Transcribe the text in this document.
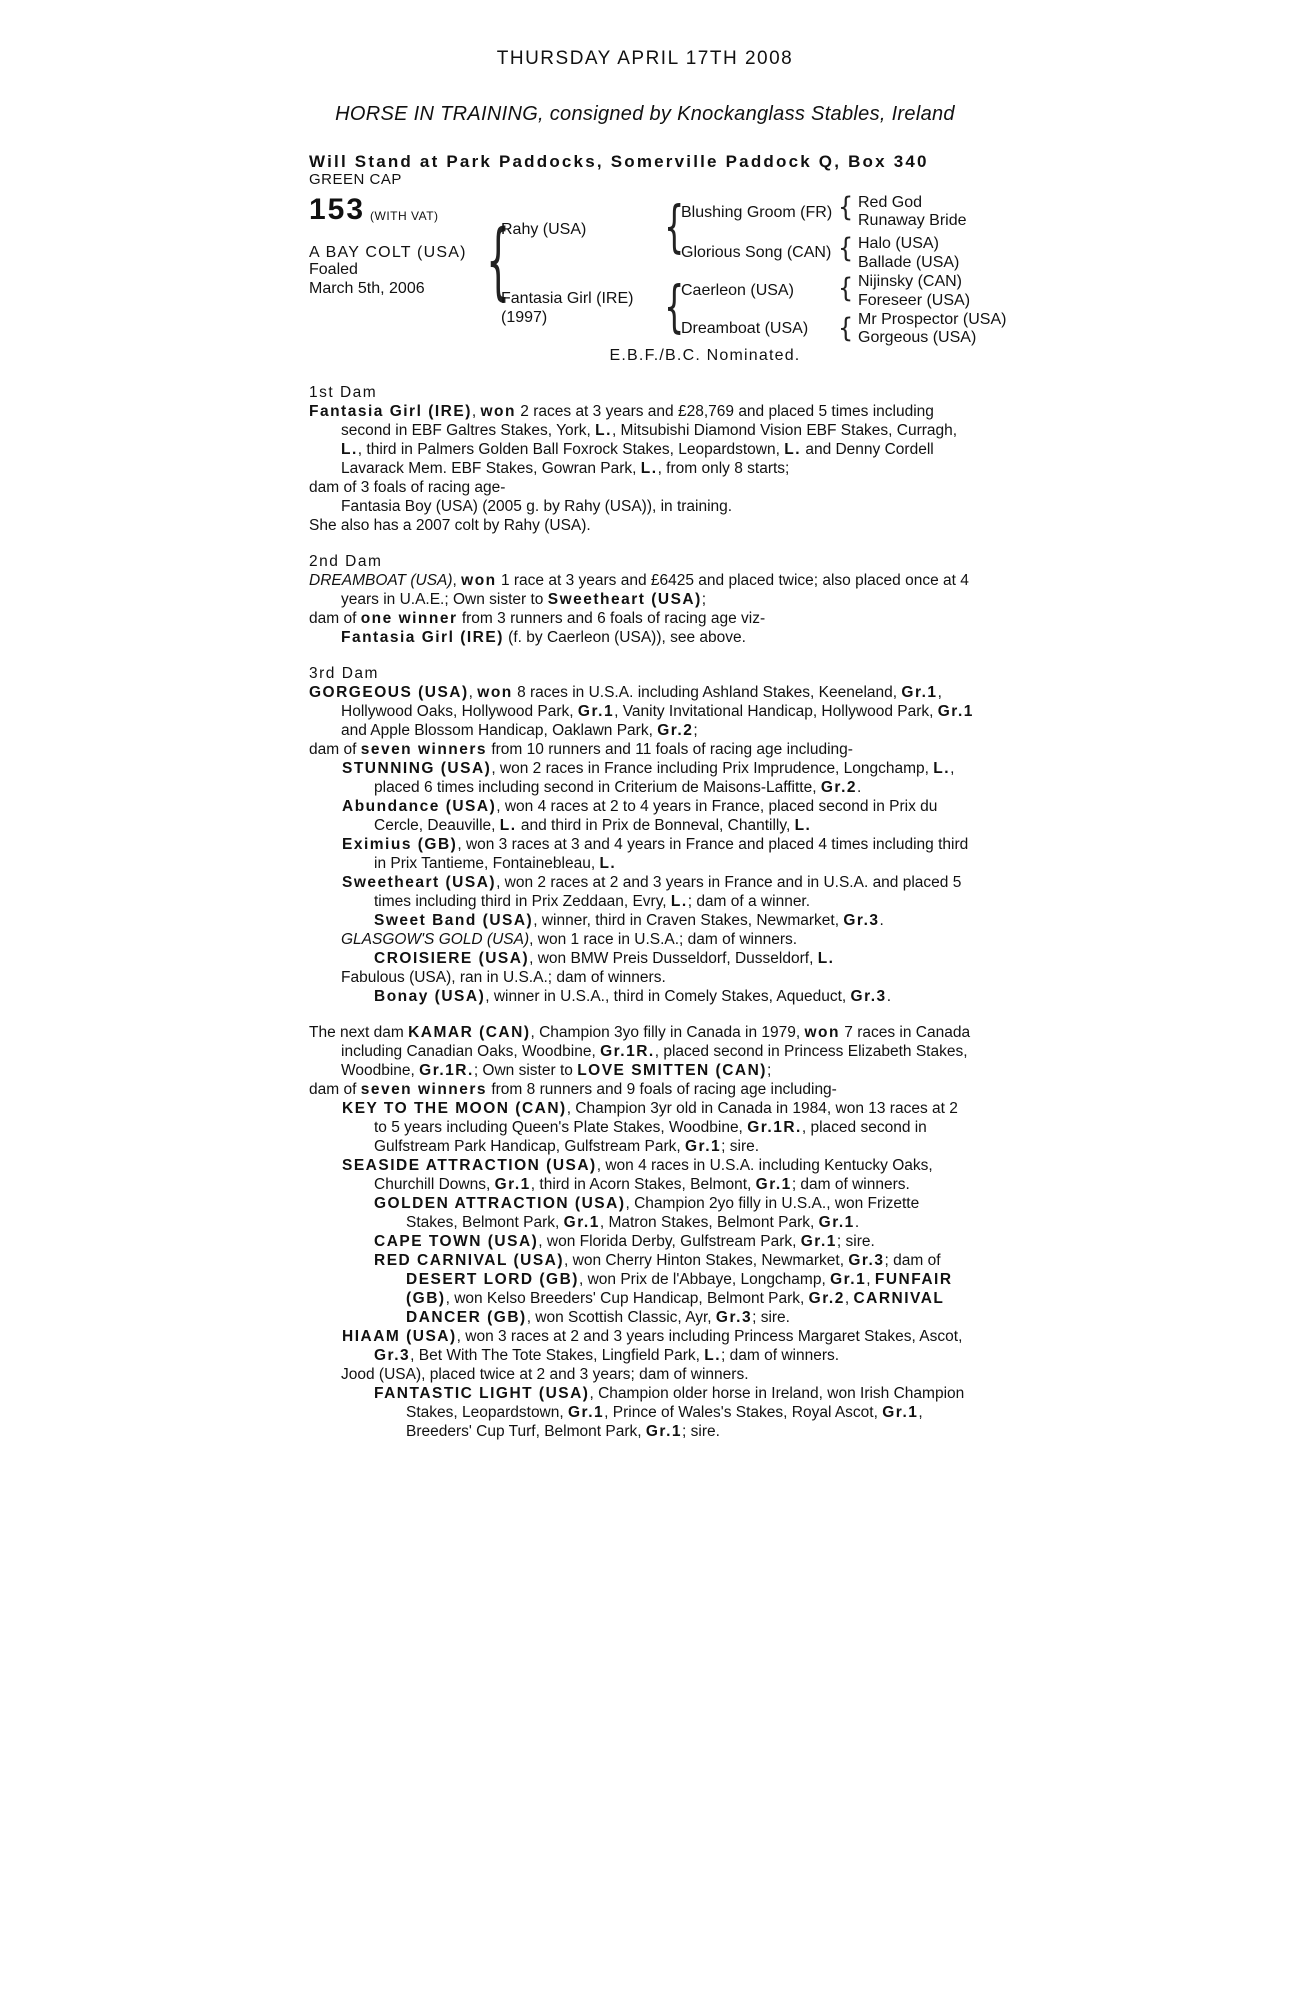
THURSDAY APRIL 17TH 2008
HORSE IN TRAINING, consigned by Knockanglass Stables, Ireland
Will Stand at Park Paddocks, Somerville Paddock Q, Box 340
GREEN CAP
153 (WITH VAT)
A BAY COLT (USA)
Foaled
March 5th, 2006 {	{
{
{
{
{
{
Rahy (USA)
Fantasia Girl (IRE)
(1997)
Blushing Groom (FR)
Glorious Song (CAN)
Caerleon (USA)
Dreamboat (USA)
Red God
Runaway Bride
Halo (USA)
Ballade (USA)
Nijinsky (CAN)
Foreseer (USA)
Mr Prospector (USA)
Gorgeous (USA)
E.B.F./B.C. Nominated.
1st Dam
Fantasia Girl (IRE), won 2 races at 3 years and £28,769 and placed 5 times including second in EBF Galtres Stakes, York, L., Mitsubishi Diamond Vision EBF Stakes, Curragh, L., third in Palmers Golden Ball Foxrock Stakes, Leopardstown, L. and Denny Cordell Lavarack Mem. EBF Stakes, Gowran Park, L., from only 8 starts;
dam of 3 foals of racing age-
Fantasia Boy (USA) (2005 g. by Rahy (USA)), in training.
She also has a 2007 colt by Rahy (USA).
2nd Dam
DREAMBOAT (USA), won 1 race at 3 years and £6425 and placed twice; also placed once at 4 years in U.A.E.; Own sister to Sweetheart (USA);
dam of one winner from 3 runners and 6 foals of racing age viz-
Fantasia Girl (IRE) (f. by Caerleon (USA)), see above.
3rd Dam
GORGEOUS (USA), won 8 races in U.S.A. including Ashland Stakes, Keeneland, Gr.1, Hollywood Oaks, Hollywood Park, Gr.1, Vanity Invitational Handicap, Hollywood Park, Gr.1 and Apple Blossom Handicap, Oaklawn Park, Gr.2;
dam of seven winners from 10 runners and 11 foals of racing age including-
STUNNING (USA), won 2 races in France including Prix Imprudence, Longchamp, L., placed 6 times including second in Criterium de Maisons-Laffitte, Gr.2.
Abundance (USA), won 4 races at 2 to 4 years in France, placed second in Prix du Cercle, Deauville, L. and third in Prix de Bonneval, Chantilly, L.
Eximius (GB), won 3 races at 3 and 4 years in France and placed 4 times including third in Prix Tantieme, Fontainebleau, L.
Sweetheart (USA), won 2 races at 2 and 3 years in France and in U.S.A. and placed 5 times including third in Prix Zeddaan, Evry, L.; dam of a winner.
Sweet Band (USA), winner, third in Craven Stakes, Newmarket, Gr.3.
GLASGOW'S GOLD (USA), won 1 race in U.S.A.; dam of winners.
CROISIERE (USA), won BMW Preis Dusseldorf, Dusseldorf, L.
Fabulous (USA), ran in U.S.A.; dam of winners.
Bonay (USA), winner in U.S.A., third in Comely Stakes, Aqueduct, Gr.3.
The next dam KAMAR (CAN), Champion 3yo filly in Canada in 1979, won 7 races in Canada including Canadian Oaks, Woodbine, Gr.1R., placed second in Princess Elizabeth Stakes, Woodbine, Gr.1R.; Own sister to LOVE SMITTEN (CAN);
dam of seven winners from 8 runners and 9 foals of racing age including-
KEY TO THE MOON (CAN), Champion 3yr old in Canada in 1984, won 13 races at 2 to 5 years including Queen's Plate Stakes, Woodbine, Gr.1R., placed second in Gulfstream Park Handicap, Gulfstream Park, Gr.1; sire.
SEASIDE ATTRACTION (USA), won 4 races in U.S.A. including Kentucky Oaks, Churchill Downs, Gr.1, third in Acorn Stakes, Belmont, Gr.1; dam of winners.
GOLDEN ATTRACTION (USA), Champion 2yo filly in U.S.A., won Frizette Stakes, Belmont Park, Gr.1, Matron Stakes, Belmont Park, Gr.1.
CAPE TOWN (USA), won Florida Derby, Gulfstream Park, Gr.1; sire.
RED CARNIVAL (USA), won Cherry Hinton Stakes, Newmarket, Gr.3; dam of DESERT LORD (GB), won Prix de l'Abbaye, Longchamp, Gr.1, FUNFAIR (GB), won Kelso Breeders' Cup Handicap, Belmont Park, Gr.2, CARNIVAL DANCER (GB), won Scottish Classic, Ayr, Gr.3; sire.
HIAAM (USA), won 3 races at 2 and 3 years including Princess Margaret Stakes, Ascot, Gr.3, Bet With The Tote Stakes, Lingfield Park, L.; dam of winners.
Jood (USA), placed twice at 2 and 3 years; dam of winners.
FANTASTIC LIGHT (USA), Champion older horse in Ireland, won Irish Champion Stakes, Leopardstown, Gr.1, Prince of Wales's Stakes, Royal Ascot, Gr.1, Breeders' Cup Turf, Belmont Park, Gr.1; sire.
